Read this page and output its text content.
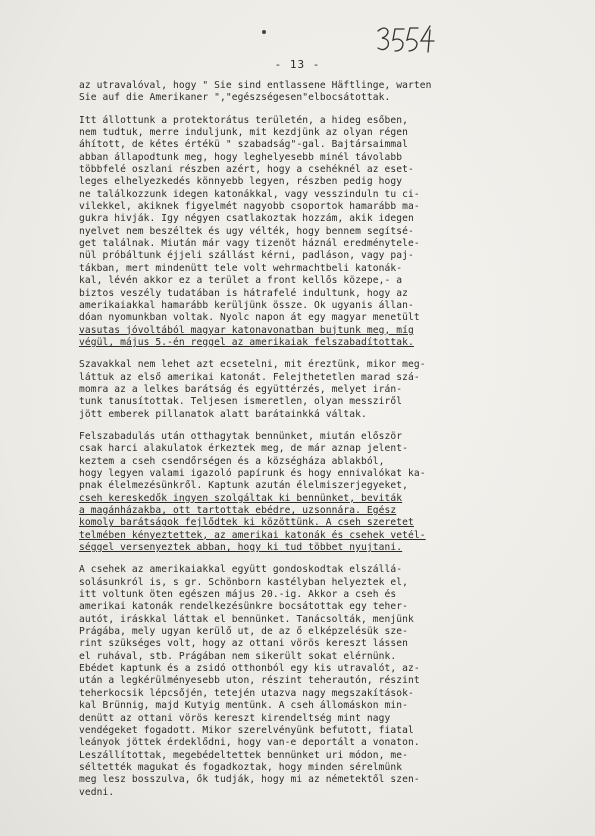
- 13 -
az utravalóval, hogy " Sie sind entlassene Häftlinge, warten
Sie auf die Amerikaner ","egészségesen"elbocsátottak.
Itt állottunk a protektorátus területén, a hideg esőben,
nem tudtuk, merre induljunk, mit kezdjünk az olyan régen
áhított, de kétes értékü " szabadság"-gal. Bajtársaimmal
abban állapodtunk meg, hogy leghelyesebb minél távolabb
többfelé oszlani részben azért, hogy a csehéknél az eset-
leges elhelyezkedés könnyebb legyen, részben pedig hogy
ne találkozzunk idegen katonákkal, vagy vesszinduln tu ci-
vilekkel, akiknek figyelmét nagyobb csoportok hamarább ma-
gukra hivják. Igy négyen csatlakoztak hozzám, akik idegen
nyelvet nem beszéltek és ugy vélték, hogy bennem segítsé-
get találnak. Miután már vagy tizenöt háznál eredménytele-
nül próbáltunk éjjeli szállást kérni, padláson, vagy paj-
tákban, mert mindenütt tele volt wehrmachtbeli katonák-
kal, lévén akkor ez a terület a front kellős közepe,- a
biztos veszély tudatában is hátrafelé indultunk, hogy az
amerikaiakkal hamarább kerüljünk össze. Ők ugyanis állan-
dóan nyomunkban voltak. Nyolc napon át egy magyar menetült
vasutas jóvoltából magyar katonavonatban bujtunk meg, míg
végül, május 5.-én reggel az amerikaiak felszabadítottak.
Szavakkal nem lehet azt ecsetelni, mit éreztünk, mikor meg-
láttuk az első amerikai katonát. Felejthetetlen marad szá-
momra az a lelkes barátság és együttérzés, melyet irán-
tunk tanusítottak. Teljesen ismeretlen, olyan messziről
jött emberek pillanatok alatt barátainkká váltak.
Felszabadulás után otthagytak bennünket, miután először
csak harci alakulatok érkeztek meg, de már aznap jelent-
keztem a cseh csendőrségen és a községháza ablakból,
hogy legyen valami igazoló papírunk és hogy ennivalókat ka-
pnak élelmezésünkről. Kaptunk azután élelmiszerjegyeket,
cseh kereskedők ingyen szolgáltak ki bennünket, beviták
a magánházakba, ott tartottak ebédre, uzsonnára. Egész
komoly barátságok fejlődtek ki közöttünk. A cseh szeretet
telmében kényeztettek, az amerikai katonák és csehek vetél-
séggel versenyeztek abban, hogy ki tud többet nyujtani.
A csehek az amerikaiakkal együtt gondoskodtak elszállá-
solásunkról is, s gr. Schönborn kastélyban helyeztek el,
itt voltunk öten egészen május 20.-ig. Akkor a cseh és
amerikai katonák rendelkezésünkre bocsátottak egy teher-
autót, iráskkal láttak el bennünket. Tanácsolták, menjünk
Prágába, mely ugyan kerülő ut, de az ő elképzelésük sze-
rint szükséges volt, hogy az ottani vörös kereszt lássen
el ruhával, stb. Prágában nem sikerült sokat elérnünk.
Ebédet kaptunk és a zsidó otthonból egy kis utravalót, az-
után a legkérülményesebb uton, részint teherautón, részint
teherkocsik lépcsőjén, tetején utazva nagy megszakítások-
kal Brünnig, majd Kutyig mentünk. A cseh állomáskon min-
denütt az ottani vörös kereszt kirendeltség mint nagy
vendégeket fogadott. Mikor szerelvényünk befutott, fiatal
leányok jöttek érdeklődni, hogy van-e deportált a vonaton.
Leszállítottak, megebédeltettek bennünket uri módon, me-
séltették magukat és fogadkoztak, hogy minden sérelmünk
meg lesz bosszulva, ők tudják, hogy mi az németektől szen-
vedni.
